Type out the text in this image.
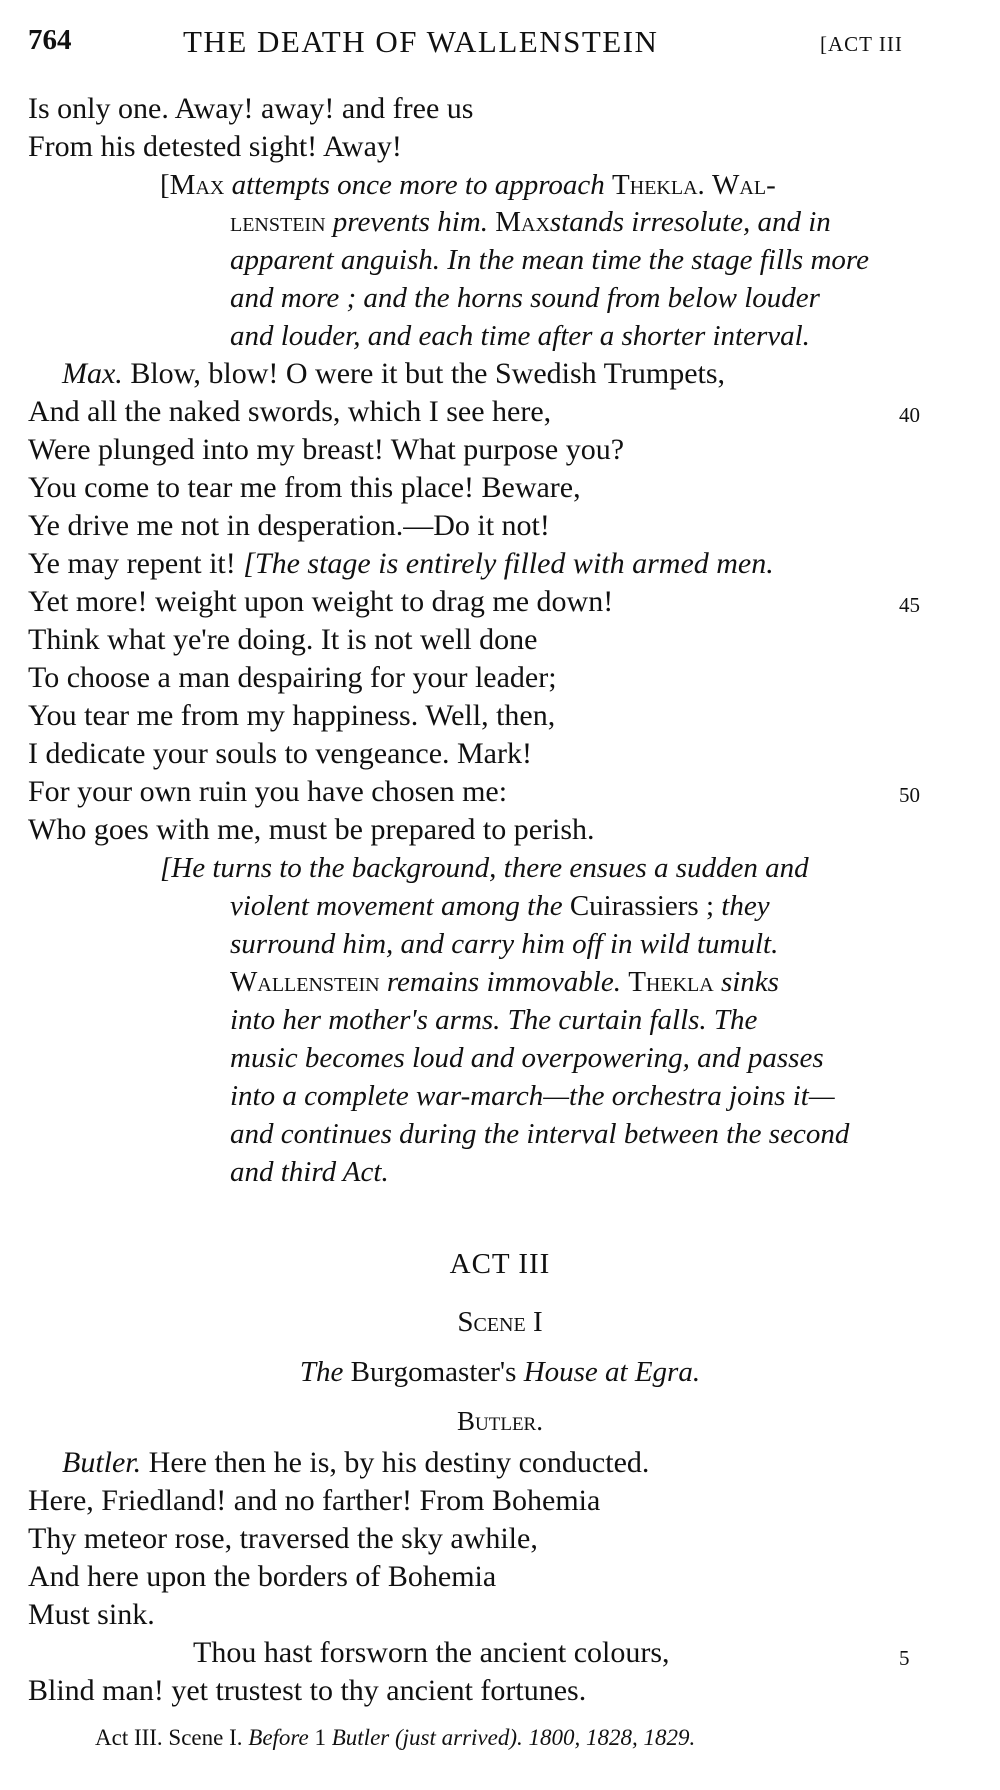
764	THE DEATH OF WALLENSTEIN	[ACT III
Is only one. Away! away! and free us
From his detested sight! Away!
[Max attempts once more to approach Thekla. Wal-
lenstein prevents him. Maxstands irresolute, and in
apparent anguish. In the mean time the stage fills more
and more ; and the horns sound from below louder
and louder, and each time after a shorter interval.
Max. Blow, blow! O were it but the Swedish Trumpets,
And all the naked swords, which I see here,	40
Were plunged into my breast! What purpose you?
You come to tear me from this place! Beware,
Ye drive me not in desperation.—Do it not!
Ye may repent it! [The stage is entirely filled with armed men.
Yet more! weight upon weight to drag me down!	45
Think what ye're doing. It is not well done
To choose a man despairing for your leader;
You tear me from my happiness. Well, then,
I dedicate your souls to vengeance. Mark!
For your own ruin you have chosen me:	50
Who goes with me, must be prepared to perish.
[He turns to the background, there ensues a sudden and
violent movement among the Cuirassiers ; they
surround him, and carry him off in wild tumult.
Wallenstein remains immovable. Thekla sinks
into her mother's arms. The curtain falls. The
music becomes loud and overpowering, and passes
into a complete war-march—the orchestra joins it—
and continues during the interval between the second
and third Act.
ACT III
Scene I
The Burgomaster's House at Egra.
Butler.
Butler. Here then he is, by his destiny conducted.
Here, Friedland! and no farther! From Bohemia
Thy meteor rose, traversed the sky awhile,
And here upon the borders of Bohemia
Must sink.
Thou hast forsworn the ancient colours,	5
Blind man! yet trustest to thy ancient fortunes.
Act III. Scene I. Before 1 Butler (just arrived). 1800, 1828, 1829.
